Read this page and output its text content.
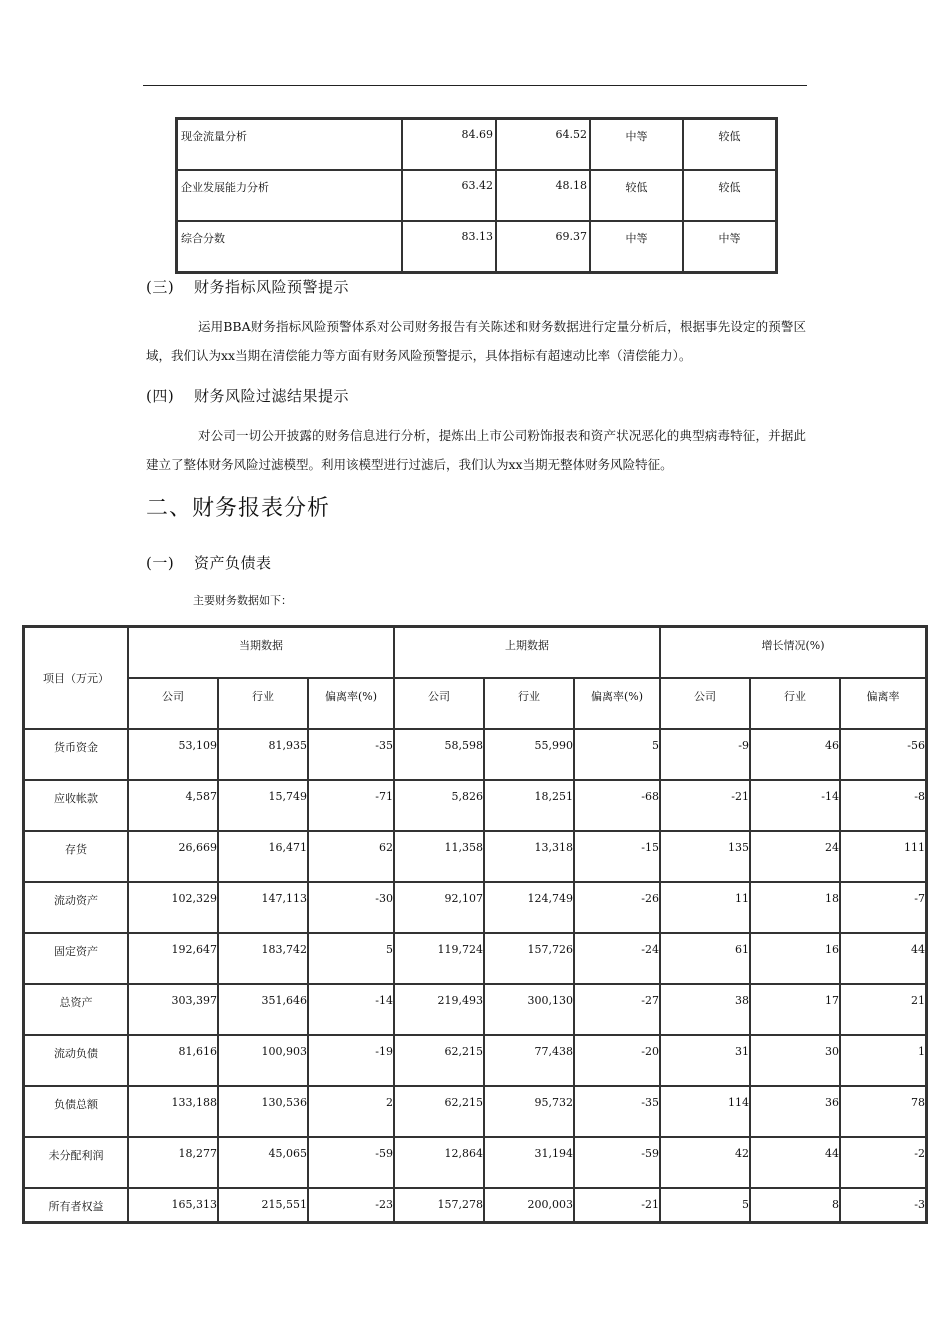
现金流量分析	84.69	64.52	中等	较低
企业发展能力分析	63.42	48.18	较低	较低
综合分数	83.13	69.37	中等	中等
(三) 财务指标风险预警提示
运用BBA财务指标风险预警体系对公司财务报告有关陈述和财务数据进行定量分析后，根据事先设定的预警区域，我们认为xx当期在清偿能力等方面有财务风险预警提示，具体指标有超速动比率（清偿能力）。
(四) 财务风险过滤结果提示
对公司一切公开披露的财务信息进行分析，提炼出上市公司粉饰报表和资产状况恶化的典型病毒特征，并据此建立了整体财务风险过滤模型。利用该模型进行过滤后，我们认为xx当期无整体财务风险特征。
二、财务报表分析
(一) 资产负债表
主要财务数据如下：
项目（万元）	当期数据			上期数据			增长情况(%)		
	公司	行业	偏离率(%)	公司	行业	偏离率(%)	公司	行业	偏离率
货币资金	53,109	81,935	-35	58,598	55,990	5	-9	46	-56
应收帐款	4,587	15,749	-71	5,826	18,251	-68	-21	-14	-8
存货	26,669	16,471	62	11,358	13,318	-15	135	24	111
流动资产	102,329	147,113	-30	92,107	124,749	-26	11	18	-7
固定资产	192,647	183,742	5	119,724	157,726	-24	61	16	44
总资产	303,397	351,646	-14	219,493	300,130	-27	38	17	21
流动负债	81,616	100,903	-19	62,215	77,438	-20	31	30	1
负债总额	133,188	130,536	2	62,215	95,732	-35	114	36	78
未分配利润	18,277	45,065	-59	12,864	31,194	-59	42	44	-2
所有者权益	165,313	215,551	-23	157,278	200,003	-21	5	8	-3
